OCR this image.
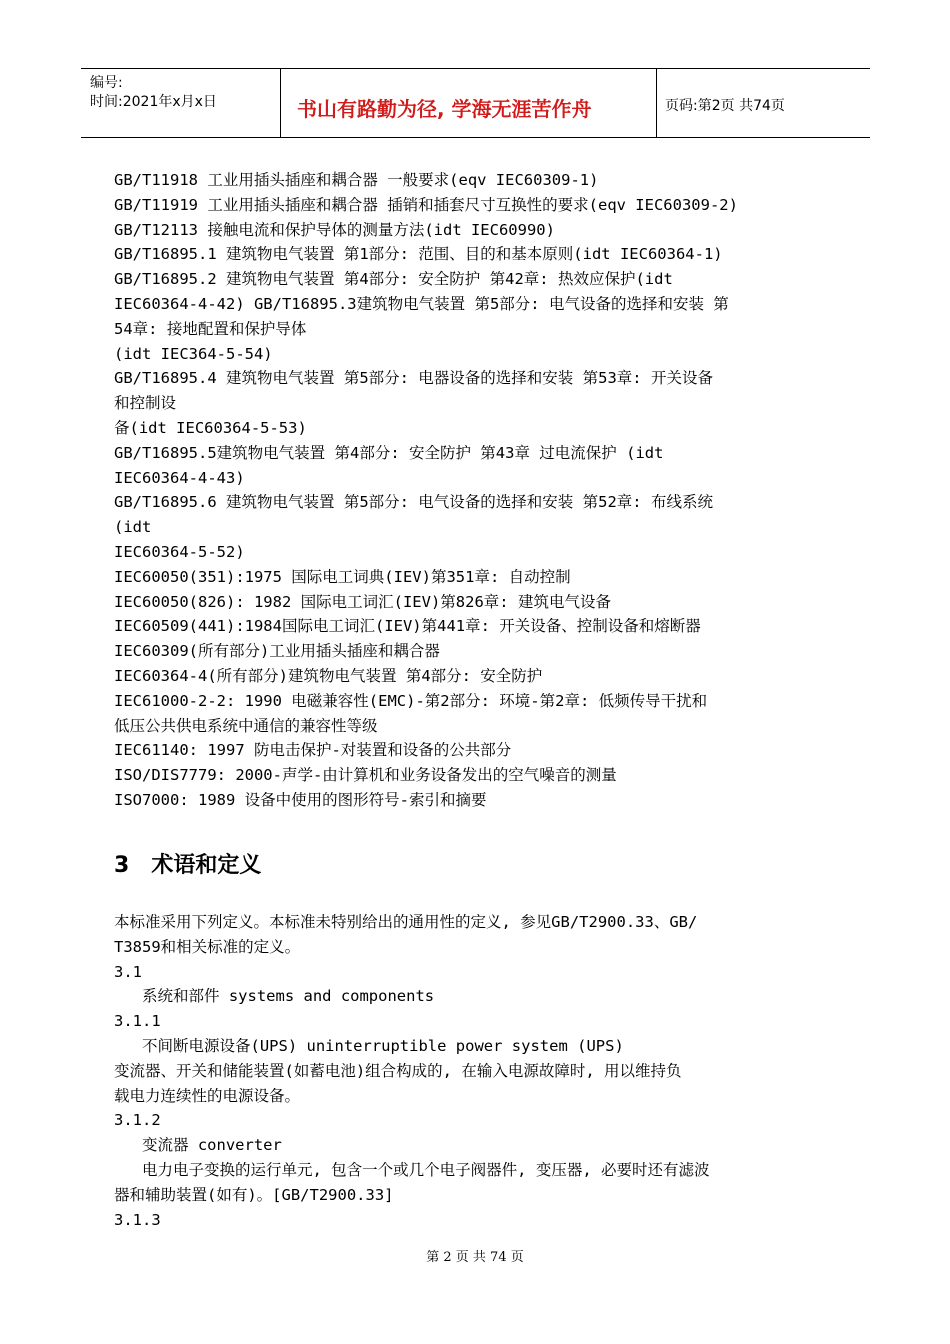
编号:
时间:2021年x月x日	书山有路勤为径, 学海无涯苦作舟	页码:第2页 共74页
GB/T11918 工业用插头插座和耦合器 一般要求(eqv IEC60309-1)
GB/T11919 工业用插头插座和耦合器 插销和插套尺寸互换性的要求(eqv IEC60309-2)
GB/T12113 接触电流和保护导体的测量方法(idt IEC60990)
GB/T16895.1 建筑物电气装置 第1部分: 范围、目的和基本原则(idt IEC60364-1)
GB/T16895.2 建筑物电气装置 第4部分: 安全防护 第42章: 热效应保护(idt
IEC60364-4-42) GB/T16895.3建筑物电气装置 第5部分: 电气设备的选择和安装 第
54章: 接地配置和保护导体
(idt IEC364-5-54)
GB/T16895.4 建筑物电气装置 第5部分: 电器设备的选择和安装 第53章: 开关设备
和控制设
备(idt IEC60364-5-53)
GB/T16895.5建筑物电气装置 第4部分: 安全防护 第43章 过电流保护 (idt
IEC60364-4-43)
GB/T16895.6 建筑物电气装置 第5部分: 电气设备的选择和安装 第52章: 布线系统
(idt
IEC60364-5-52)
IEC60050(351):1975 国际电工词典(IEV)第351章: 自动控制
IEC60050(826): 1982 国际电工词汇(IEV)第826章: 建筑电气设备
IEC60509(441):1984国际电工词汇(IEV)第441章: 开关设备、控制设备和熔断器
IEC60309(所有部分)工业用插头插座和耦合器
IEC60364-4(所有部分)建筑物电气装置 第4部分: 安全防护
IEC61000-2-2: 1990 电磁兼容性(EMC)-第2部分: 环境-第2章: 低频传导干扰和
低压公共供电系统中通信的兼容性等级
IEC61140: 1997 防电击保护-对装置和设备的公共部分
ISO/DIS7779: 2000-声学-由计算机和业务设备发出的空气噪音的测量
ISO7000: 1989 设备中使用的图形符号-索引和摘要
3 术语和定义
本标准采用下列定义。本标准未特别给出的通用性的定义, 参见GB/T2900.33、GB/
T3859和相关标准的定义。
3.1
系统和部件 systems and components
3.1.1
不间断电源设备(UPS) uninterruptible power system (UPS)
变流器、开关和储能装置(如蓄电池)组合构成的, 在输入电源故障时, 用以维持负
载电力连续性的电源设备。
3.1.2
变流器 converter
电力电子变换的运行单元, 包含一个或几个电子阀器件, 变压器, 必要时还有滤波
器和辅助装置(如有)。[GB/T2900.33]
3.1.3
第 2 页 共 74 页
